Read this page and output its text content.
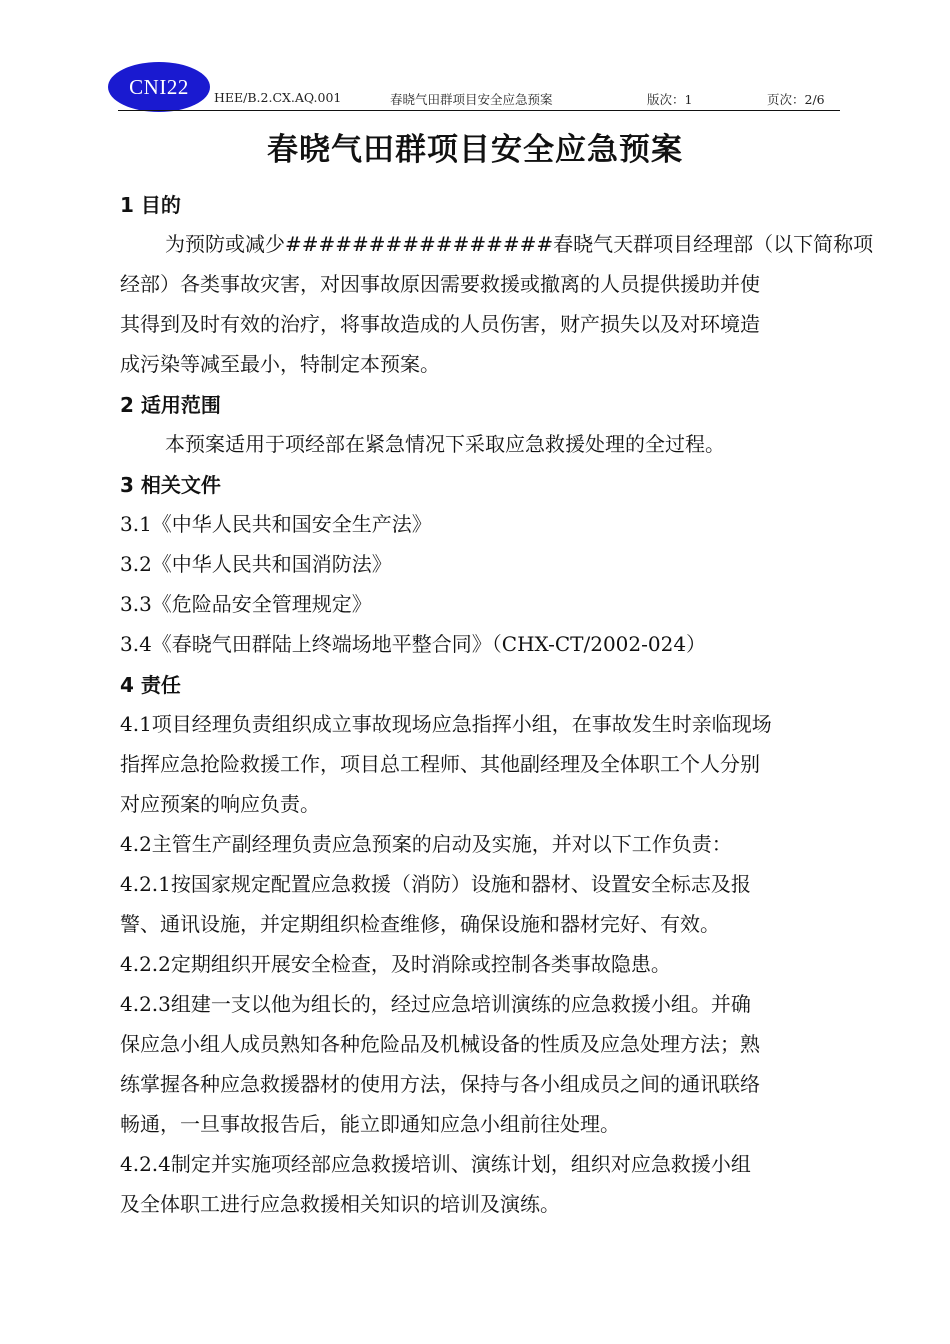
CNI22	HEE/B.2.CX.AQ.001	春晓气田群项目安全应急预案	版次：1	页次：2/6
春晓气田群项目安全应急预案
1 目的
为预防或减少################春晓气天群项目经理部（以下简称项
经部）各类事故灾害，对因事故原因需要救援或撤离的人员提供援助并使
其得到及时有效的治疗，将事故造成的人员伤害，财产损失以及对环境造
成污染等减至最小，特制定本预案。
2 适用范围
本预案适用于项经部在紧急情况下采取应急救援处理的全过程。
3 相关文件
3.1《中华人民共和国安全生产法》
3.2《中华人民共和国消防法》
3.3《危险品安全管理规定》
3.4《春晓气田群陆上终端场地平整合同》（CHX-CT/2002-024）
4 责任
4.1项目经理负责组织成立事故现场应急指挥小组，在事故发生时亲临现场
指挥应急抢险救援工作，项目总工程师、其他副经理及全体职工个人分别
对应预案的响应负责。
4.2主管生产副经理负责应急预案的启动及实施，并对以下工作负责：
4.2.1按国家规定配置应急救援（消防）设施和器材、设置安全标志及报
警、通讯设施，并定期组织检查维修，确保设施和器材完好、有效。
4.2.2定期组织开展安全检查，及时消除或控制各类事故隐患。
4.2.3组建一支以他为组长的，经过应急培训演练的应急救援小组。并确
保应急小组人成员熟知各种危险品及机械设备的性质及应急处理方法；熟
练掌握各种应急救援器材的使用方法，保持与各小组成员之间的通讯联络
畅通，一旦事故报告后，能立即通知应急小组前往处理。
4.2.4制定并实施项经部应急救援培训、演练计划，组织对应急救援小组
及全体职工进行应急救援相关知识的培训及演练。
